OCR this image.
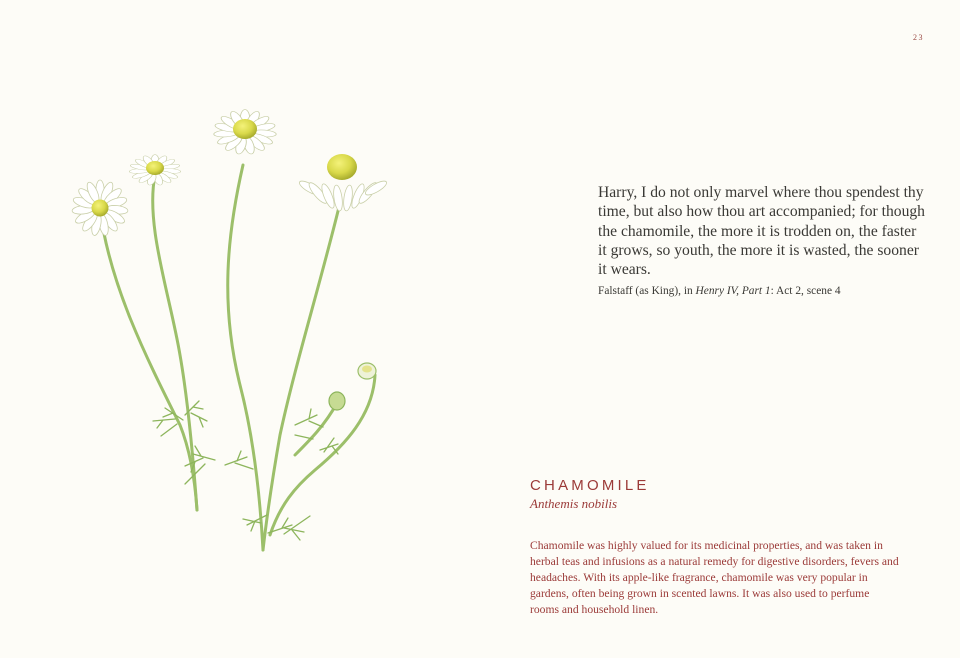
23
Harry, I do not only marvel where thou spendest thy time, but also how thou art accompanied; for though the chamomile, the more it is trodden on, the faster it grows, so youth, the more it is wasted, the sooner it wears.
Falstaff (as King), in Henry IV, Part 1: Act 2, scene 4
CHAMOMILE
Anthemis nobilis
Chamomile was highly valued for its medicinal properties, and was taken in herbal teas and infusions as a natural remedy for digestive disorders, fevers and headaches. With its apple-like fragrance, chamomile was very popular in gardens, often being grown in scented lawns. It was also used to perfume rooms and household linen.
